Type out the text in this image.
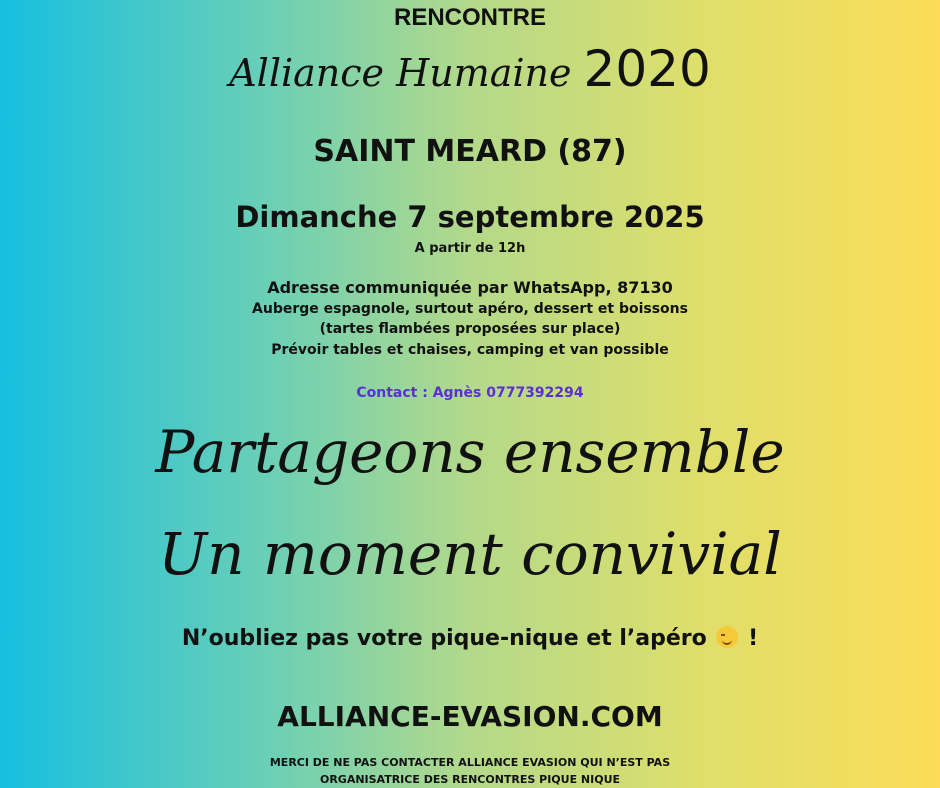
RENCONTRE
Alliance Humaine 2020
SAINT MEARD (87)
Dimanche 7 septembre 2025
A partir de 12h
Adresse communiquée par WhatsApp, 87130
Auberge espagnole, surtout apéro, dessert et boissons
(tartes flambées proposées sur place)
Prévoir tables et chaises, camping et van possible
Contact : Agnès 0777392294
Partageons ensemble
Un moment convivial
N’oubliez pas votre pique-nique et l’apéro !
ALLIANCE-EVASION.COM
MERCI DE NE PAS CONTACTER ALLIANCE EVASION QUI N’EST PAS
ORGANISATRICE DES RENCONTRES PIQUE NIQUE
